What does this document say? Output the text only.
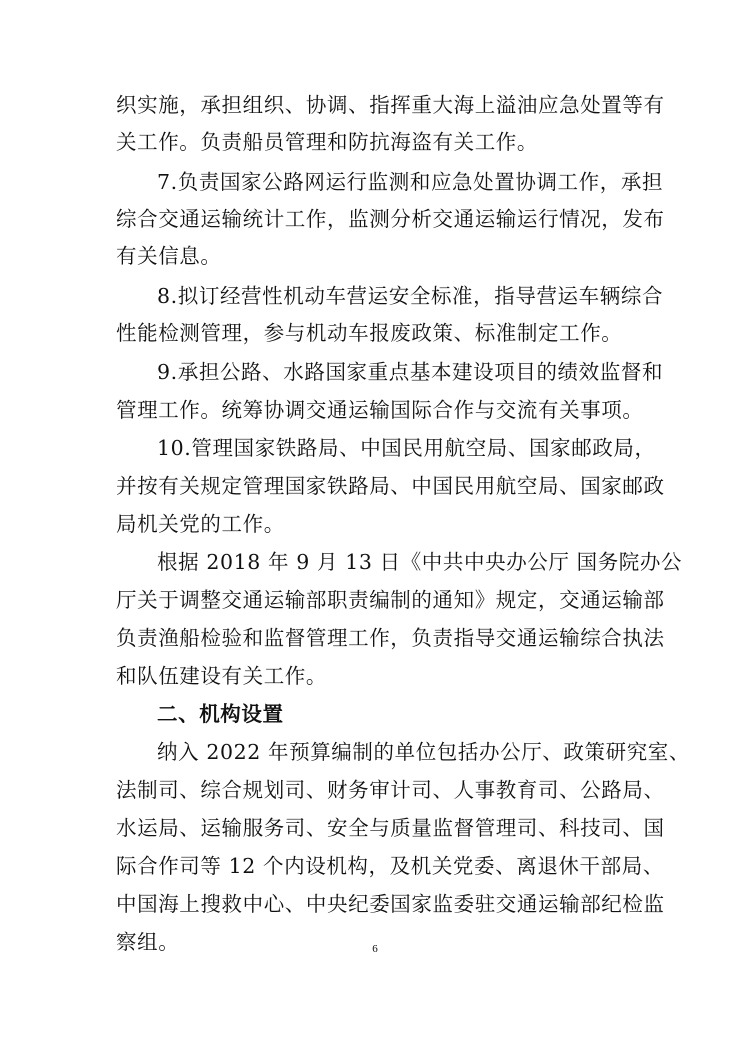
织实施，承担组织、协调、指挥重大海上溢油应急处置等有
关工作。负责船员管理和防抗海盗有关工作。
7.负责国家公路网运行监测和应急处置协调工作，承担
综合交通运输统计工作，监测分析交通运输运行情况，发布
有关信息。
8.拟订经营性机动车营运安全标准，指导营运车辆综合
性能检测管理，参与机动车报废政策、标准制定工作。
9.承担公路、水路国家重点基本建设项目的绩效监督和
管理工作。统筹协调交通运输国际合作与交流有关事项。
10.管理国家铁路局、中国民用航空局、国家邮政局，
并按有关规定管理国家铁路局、中国民用航空局、国家邮政
局机关党的工作。
根据 2018 年 9 月 13 日《中共中央办公厅 国务院办公
厅关于调整交通运输部职责编制的通知》规定，交通运输部
负责渔船检验和监督管理工作，负责指导交通运输综合执法
和队伍建设有关工作。
二、机构设置
纳入 2022 年预算编制的单位包括办公厅、政策研究室、
法制司、综合规划司、财务审计司、人事教育司、公路局、
水运局、运输服务司、安全与质量监督管理司、科技司、国
际合作司等 12 个内设机构，及机关党委、离退休干部局、
中国海上搜救中心、中央纪委国家监委驻交通运输部纪检监
察组。	6
